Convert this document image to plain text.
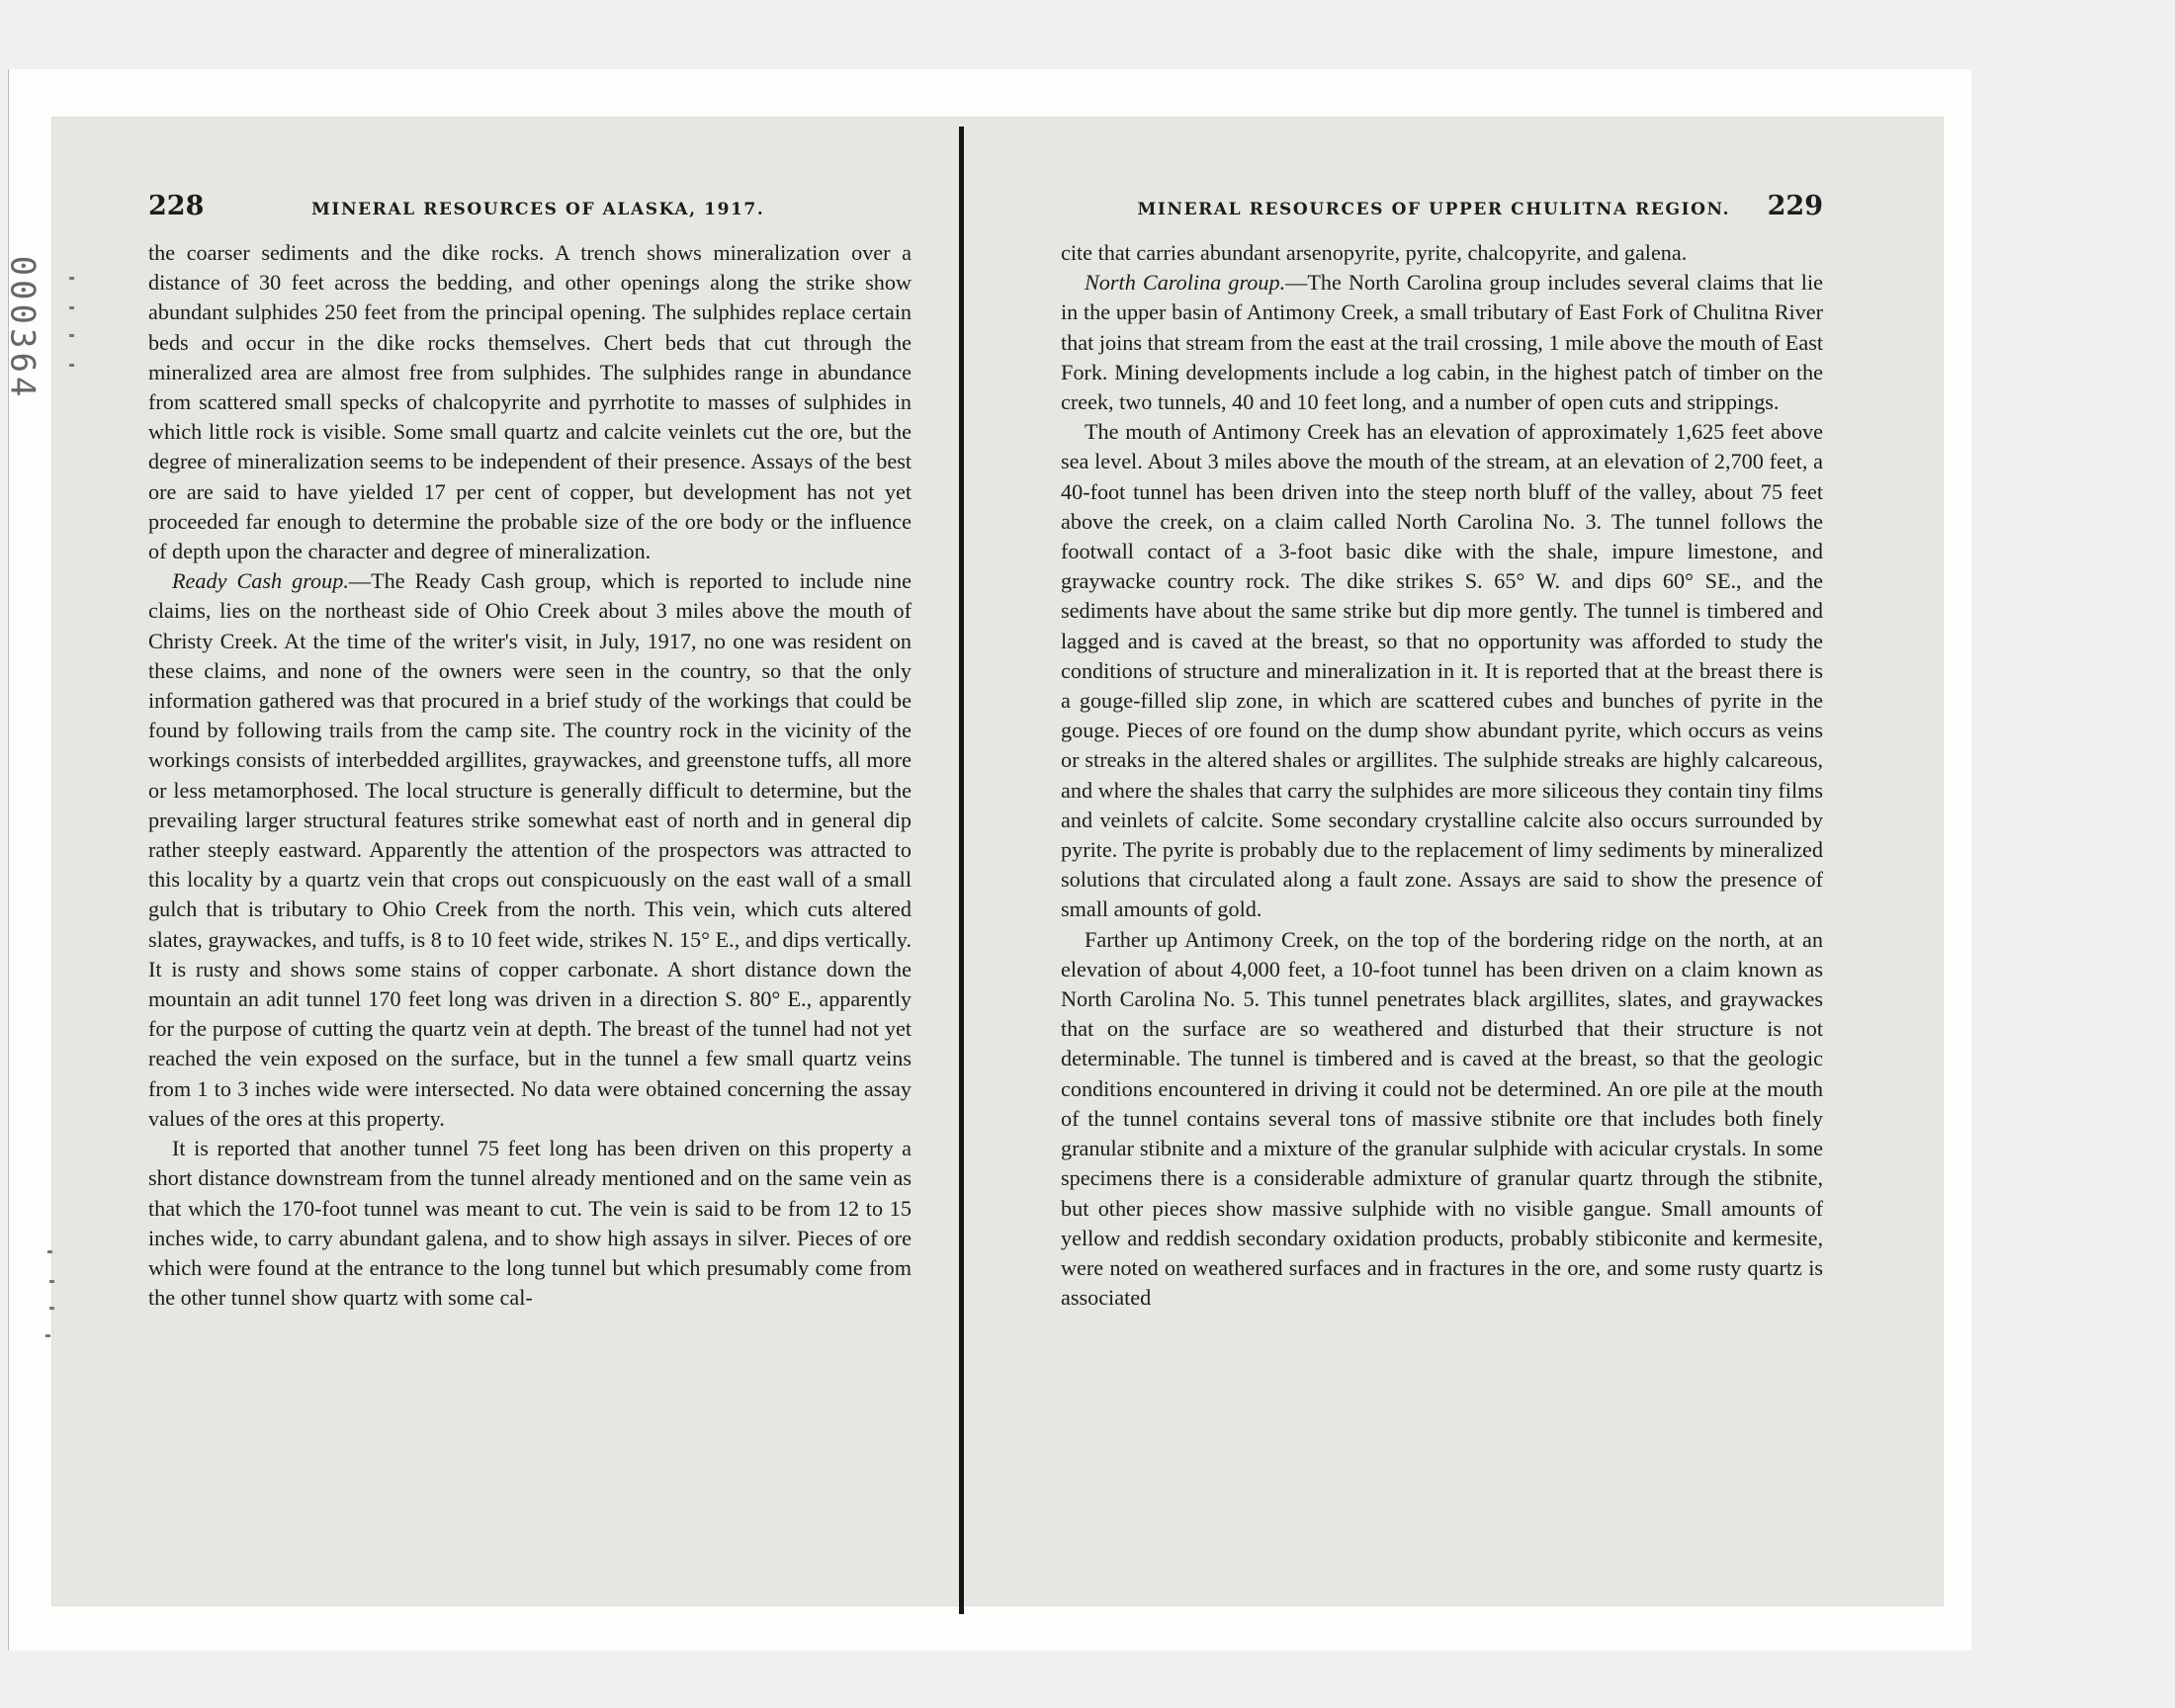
000364
228	MINERAL RESOURCES OF ALASKA, 1917.

the coarser sediments and the dike rocks. A trench shows mineralization over a distance of 30 feet across the bedding, and other openings along the strike show abundant sulphides 250 feet from the principal opening. The sulphides replace certain beds and occur in the dike rocks themselves. Chert beds that cut through the mineralized area are almost free from sulphides. The sulphides range in abundance from scattered small specks of chalcopyrite and pyrrhotite to masses of sulphides in which little rock is visible. Some small quartz and calcite veinlets cut the ore, but the degree of mineralization seems to be independent of their presence. Assays of the best ore are said to have yielded 17 per cent of copper, but development has not yet proceeded far enough to determine the probable size of the ore body or the influence of depth upon the character and degree of mineralization.

Ready Cash group.—The Ready Cash group, which is reported to include nine claims, lies on the northeast side of Ohio Creek about 3 miles above the mouth of Christy Creek. At the time of the writer's visit, in July, 1917, no one was resident on these claims, and none of the owners were seen in the country, so that the only information gathered was that procured in a brief study of the workings that could be found by following trails from the camp site. The country rock in the vicinity of the workings consists of interbedded argillites, graywackes, and greenstone tuffs, all more or less metamorphosed. The local structure is generally difficult to determine, but the prevailing larger structural features strike somewhat east of north and in general dip rather steeply eastward. Apparently the attention of the prospectors was attracted to this locality by a quartz vein that crops out conspicuously on the east wall of a small gulch that is tributary to Ohio Creek from the north. This vein, which cuts altered slates, graywackes, and tuffs, is 8 to 10 feet wide, strikes N. 15° E., and dips vertically. It is rusty and shows some stains of copper carbonate. A short distance down the mountain an adit tunnel 170 feet long was driven in a direction S. 80° E., apparently for the purpose of cutting the quartz vein at depth. The breast of the tunnel had not yet reached the vein exposed on the surface, but in the tunnel a few small quartz veins from 1 to 3 inches wide were intersected. No data were obtained concerning the assay values of the ores at this property.

It is reported that another tunnel 75 feet long has been driven on this property a short distance downstream from the tunnel already mentioned and on the same vein as that which the 170-foot tunnel was meant to cut. The vein is said to be from 12 to 15 inches wide, to carry abundant galena, and to show high assays in silver. Pieces of ore which were found at the entrance to the long tunnel but which presumably come from the other tunnel show quartz with some cal-

MINERAL RESOURCES OF UPPER CHULITNA REGION. 229

cite that carries abundant arsenopyrite, pyrite, chalcopyrite, and galena.

North Carolina group.—The North Carolina group includes several claims that lie in the upper basin of Antimony Creek, a small tributary of East Fork of Chulitna River that joins that stream from the east at the trail crossing, 1 mile above the mouth of East Fork. Mining developments include a log cabin, in the highest patch of timber on the creek, two tunnels, 40 and 10 feet long, and a number of open cuts and strippings.

The mouth of Antimony Creek has an elevation of approximately 1,625 feet above sea level. About 3 miles above the mouth of the stream, at an elevation of 2,700 feet, a 40-foot tunnel has been driven into the steep north bluff of the valley, about 75 feet above the creek, on a claim called North Carolina No. 3. The tunnel follows the footwall contact of a 3-foot basic dike with the shale, impure limestone, and graywacke country rock. The dike strikes S. 65° W. and dips 60° SE., and the sediments have about the same strike but dip more gently. The tunnel is timbered and lagged and is caved at the breast, so that no opportunity was afforded to study the conditions of structure and mineralization in it. It is reported that at the breast there is a gouge-filled slip zone, in which are scattered cubes and bunches of pyrite in the gouge. Pieces of ore found on the dump show abundant pyrite, which occurs as veins or streaks in the altered shales or argillites. The sulphide streaks are highly calcareous, and where the shales that carry the sulphides are more siliceous they contain tiny films and veinlets of calcite. Some secondary crystalline calcite also occurs surrounded by pyrite. The pyrite is probably due to the replacement of limy sediments by mineralized solutions that circulated along a fault zone. Assays are said to show the presence of small amounts of gold.

Farther up Antimony Creek, on the top of the bordering ridge on the north, at an elevation of about 4,000 feet, a 10-foot tunnel has been driven on a claim known as North Carolina No. 5. This tunnel penetrates black argillites, slates, and graywackes that on the surface are so weathered and disturbed that their structure is not determinable. The tunnel is timbered and is caved at the breast, so that the geologic conditions encountered in driving it could not be determined. An ore pile at the mouth of the tunnel contains several tons of massive stibnite ore that includes both finely granular stibnite and a mixture of the granular sulphide with acicular crystals. In some specimens there is a considerable admixture of granular quartz through the stibnite, but other pieces show massive sulphide with no visible gangue. Small amounts of yellow and reddish secondary oxidation products, probably stibiconite and kermesite, were noted on weathered surfaces and in fractures in the ore, and some rusty quartz is associated
